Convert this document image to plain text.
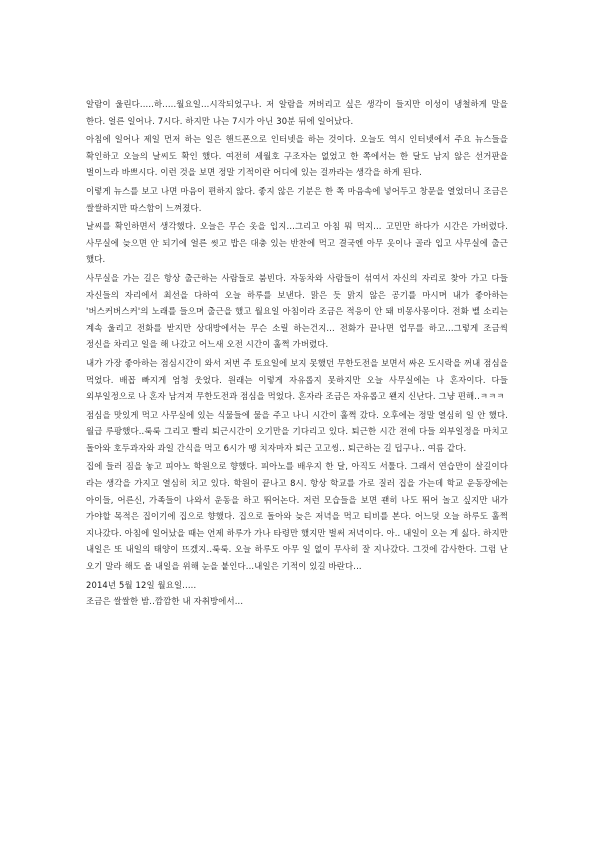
알람이 울린다.....하.....월요일...시작되었구나. 저 알람을 꺼버리고 싶은 생각이 들지만 이성이 냉철하게 말을 한다. 얼른 일어나. 7시다. 하지만 나는 7시가 아닌 30분 뒤에 일어났다.

아침에 일어나 제일 먼저 하는 일은 핸드폰으로 인터넷을 하는 것이다. 오늘도 역시 인터넷에서 주요 뉴스들을 확인하고 오늘의 날씨도 확인 했다. 여전히 세월호 구조자는 없었고 한 쪽에서는 한 달도 남지 않은 선거판을 벌이느라 바쁘시다. 이런 것을 보면 정말 기적이란 어디에 있는 걸까라는 생각을 하게 된다.

이렇게 뉴스를 보고 나면 마음이 편하지 않다. 좋지 않은 기분은 한 쪽 마음속에 넣어두고 창문을 열었더니 조금은 쌀쌀하지만 따스함이 느껴졌다.

날씨를 확인하면서 생각했다. 오늘은 무슨 옷을 입지...그리고 아침 뭐 먹지... 고민만 하다가 시간은 가버렸다. 사무실에 늦으면 안 되기에 얼른 씻고 밥은 대충 있는 반찬에 먹고 결국엔 아무 옷이나 골라 입고 사무실에 출근 했다.

사무실을 가는 길은 항상 출근하는 사람들로 붐빈다. 자동차와 사람들이 섞여서 자신의 자리로 찾아 가고 다들 자신들의 자리에서 최선을 다하여 오늘 하루를 보낸다. 맑은 듯 맑지 않은 공기를 마시며 내가 좋아하는 '버스커버스커'의 노래를 들으며 출근을 했고 월요일 아침이라 조금은 적응이 안 돼 비몽사몽이다. 전화 벨 소리는 계속 울리고 전화를 받지만 상대방에서는 무슨 소릴 하는건지... 전화가 끝나면 업무를 하고...그렇게 조금씩 정신을 차리고 일을 해 나갔고 어느새 오전 시간이 훌쩍 가버렸다.

내가 가장 좋아하는 점심시간이 와서 저번 주 토요일에 보지 못했던 무한도전을 보면서 싸온 도시락을 꺼내 점심을 먹었다. 배꼽 빠지게 엄청 웃었다. 원래는 이렇게 자유롭지 못하지만 오늘 사무실에는 나 혼자이다. 다들 외부일정으로 나 혼자 남겨져 무한도전과 점심을 먹었다. 혼자라 조금은 자유롭고 왠지 신난다. 그냥 편해..ㅋㅋㅋ

점심을 맛있게 먹고 사무실에 있는 식물들에 물을 주고 나니 시간이 훌쩍 갔다. 오후에는 정말 열심히 일 안 했다. 월급 루팡했다..룩룩 그리고 빨리 퇴근시간이 오기만을 기다리고 있다. 퇴근한 시간 전에 다들 외부일정을 마치고 돌아와 호두과자와 과일 간식을 먹고 6시가 땡 치자마자 퇴근 고고씽.. 퇴근하는 길 덥구나.. 여름 같다.

집에 들러 짐을 놓고 피아노 학원으로 향했다. 피아노를 배우지 한 달, 아직도 서툴다. 그래서 연습만이 살길이다 라는 생각을 가지고 열심히 치고 있다. 학원이 끝나고 8시. 항상 학교를 가로 질러 집을 가는데 학교 운동장에는 아이들, 어른신, 가족들이 나와서 운동을 하고 뛰어논다. 저런 모습들을 보면 괜히 나도 뛰어 놀고 싶지만 내가 가야할 목적은 집이기에 집으로 향했다. 집으로 돌아와 늦은 저녁을 먹고 티비를 본다. 어느덧 오늘 하루도 훌쩍 지나갔다. 아침에 일어났을 때는 언제 하루가 가나 타령만 했지만 벌써 저녁이다. 아.. 내일이 오는 게 싫다. 하지만 내일은 또 내일의 태양이 뜨겠지..룩룩. 오늘 하루도 아무 일 없이 무사히 잘 지나갔다. 그것에 감사한다. 그럼 난 오기 말라 해도 올 내일을 위해 눈을 붙인다...내일은 기적이 있길 바란다...

2014년 5월 12일 월요일.....

조금은 쌀쌀한 밤..깜깜한 내 자취방에서...
